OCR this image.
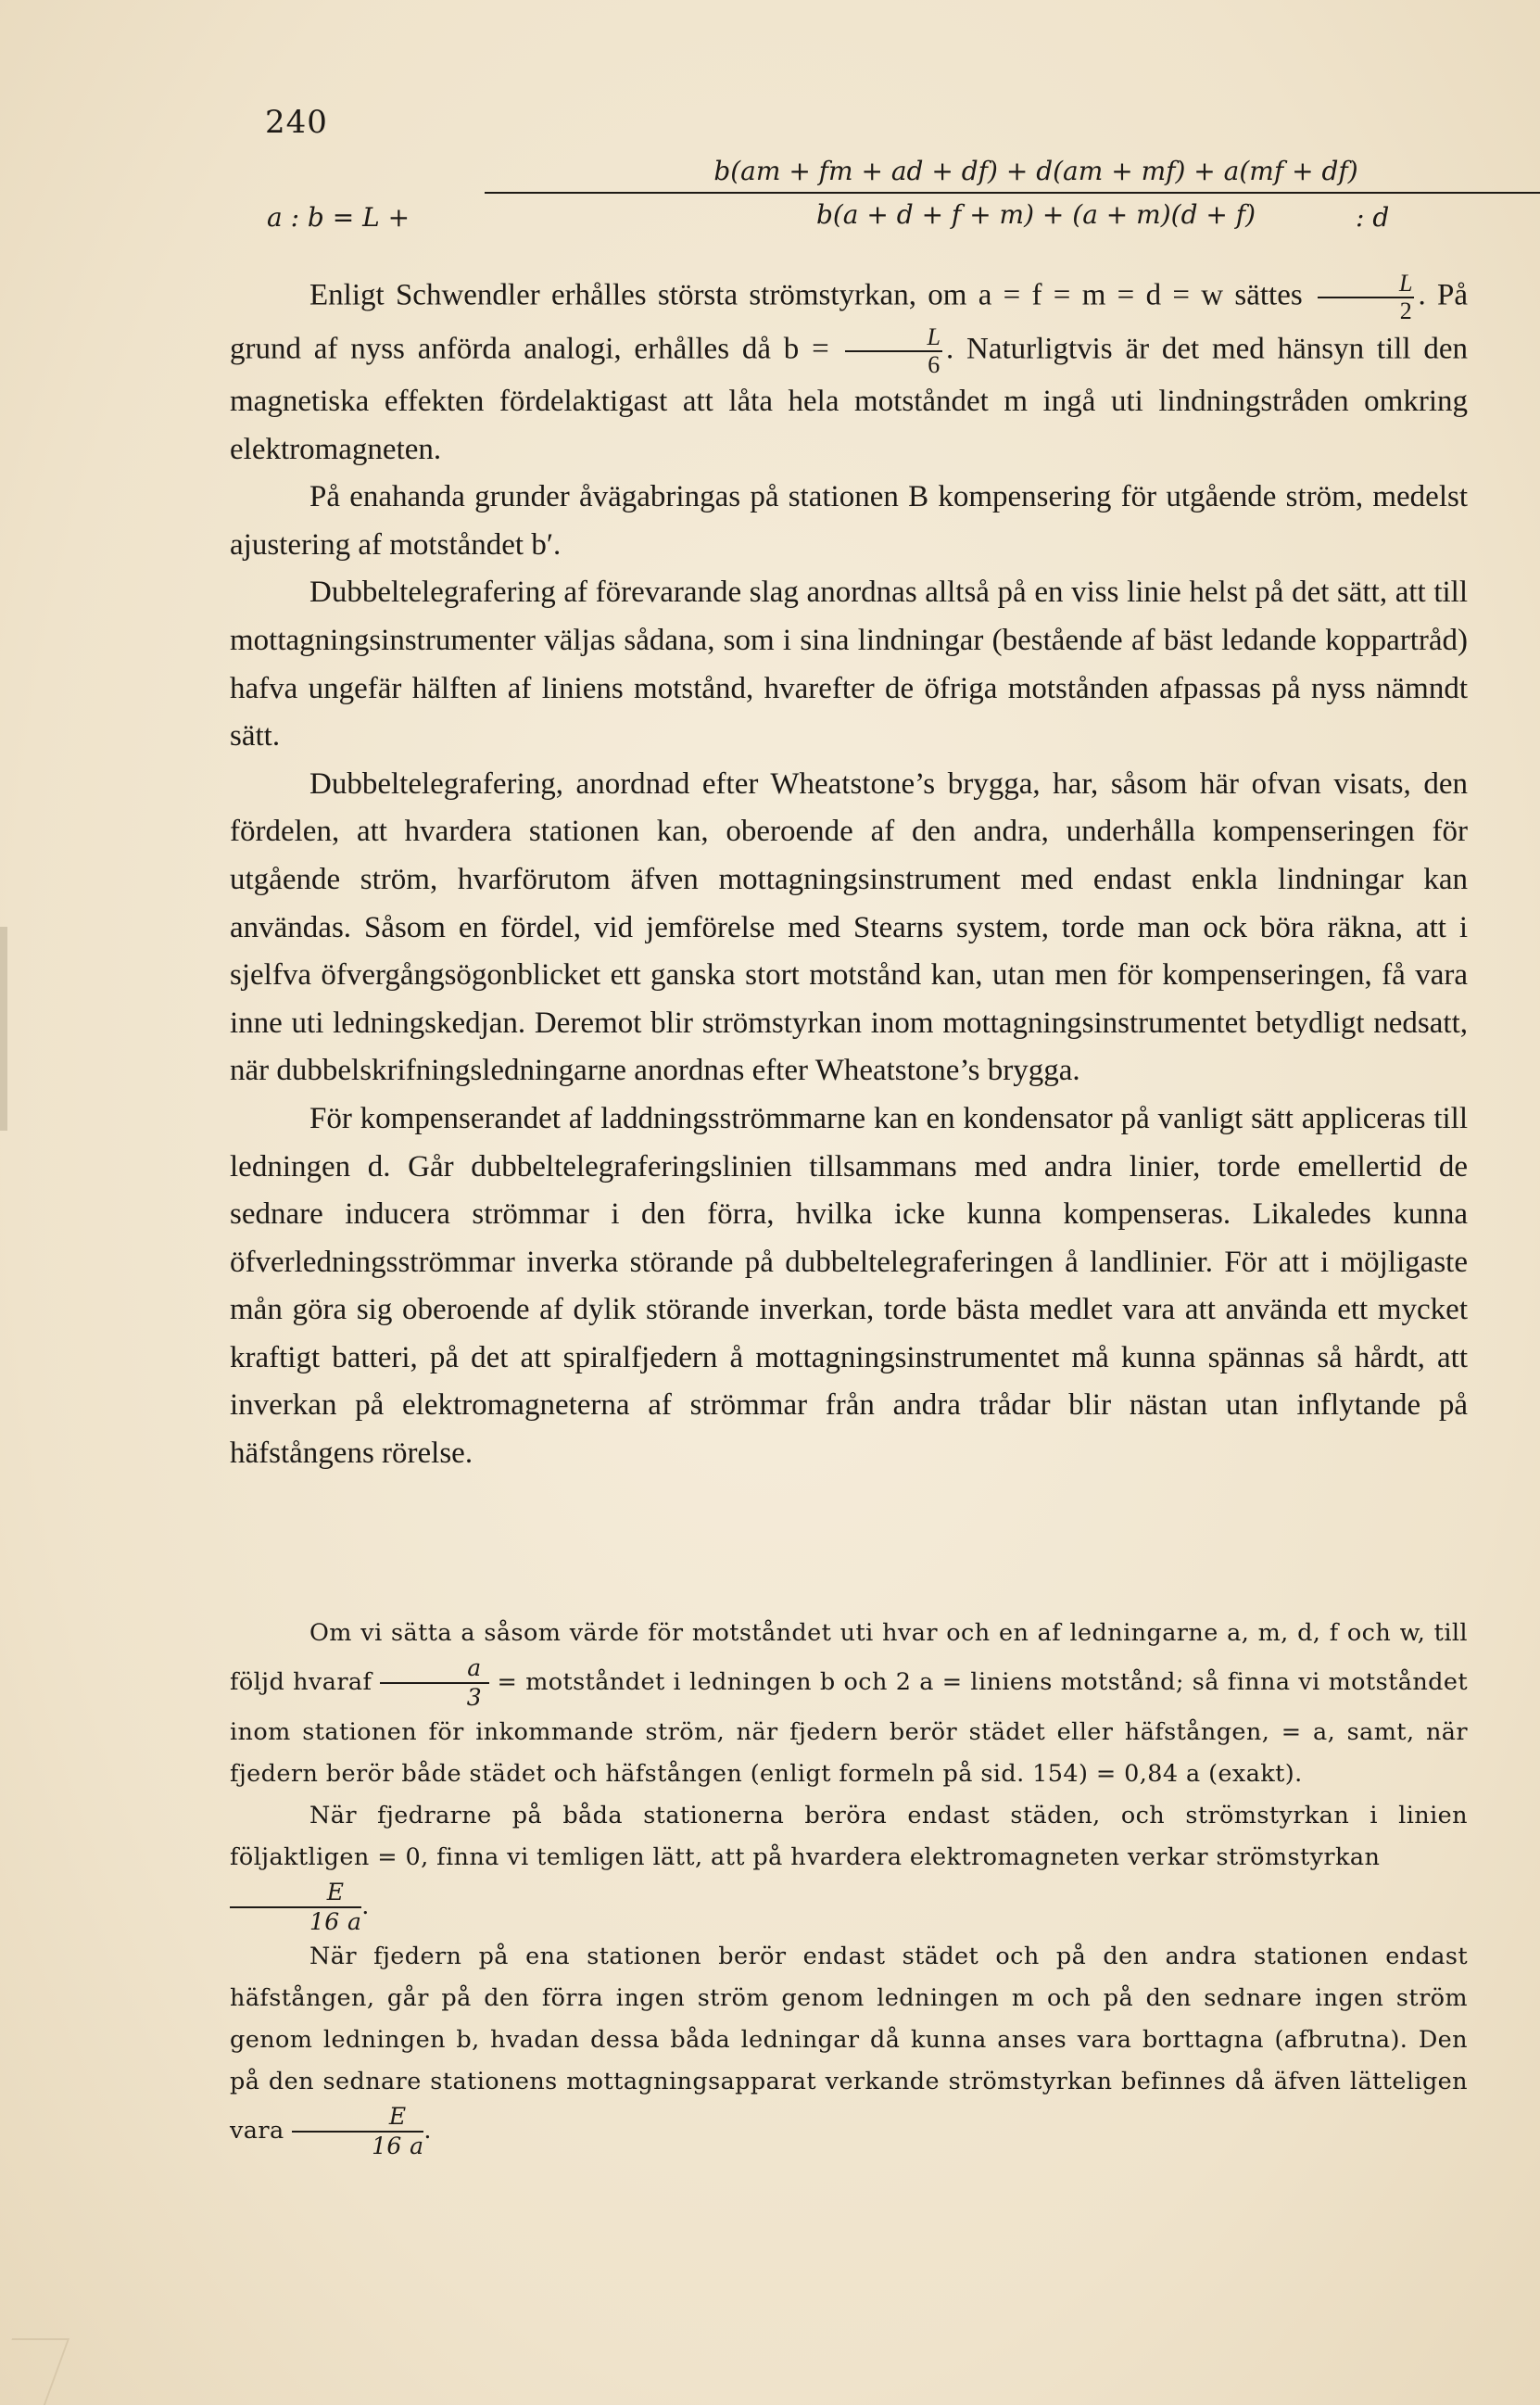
240
a : b = L +	$\frac{b(am + fm + ad + df) + d(am + mf) + a(mf + df)}{b(a + d + f + m) + (a + m)(d + f)}$
: d

Enligt Schwendler erhålles största strömstyrkan, om a = f = m = d = w sättes $\frac{L}{2}$ . På grund af nyss anförda analogi, erhålles då $b = \frac{L}{6}$ . Naturligtvis är det med hänsyn till den magnetiska effekten fördelaktigast att låta hela motståndet m ingå uti lindningstråden omkring elektromagneten.

På enahanda grunder åvägabringas på stationen B kompensering för utgående ström, medelst ajustering af motståndet b′.

Dubbeltelegrafering af förevarande slag anordnas alltså på en viss linie helst på det sätt, att till mottagningsinstrumenter väljas sådana, som i sina lindningar (bestående af bäst ledande koppartråd) hafva ungefär hälften af liniens motstånd, hvarefter de öfriga motstånden afpassas på nyss nämndt sätt.

Dubbeltelegrafering, anordnad efter Wheatstone’s brygga, har, såsom här ofvan visats, den fördelen, att hvardera stationen kan, oberoende af den andra, underhålla kompenseringen för utgående ström, hvarförutom äfven mottagningsinstrument med endast enkla lindningar kan användas. Såsom en fördel, vid jemförelse med Stearns system, torde man ock böra räkna, att i sjelfva öfvergångsögonblicket ett ganska stort motstånd kan, utan men för kompenseringen, få vara inne uti ledningskedjan. Deremot blir strömstyrkan inom mottagningsinstrumentet betydligt nedsatt, när dubbelskrifningsledningarne anordnas efter Wheatstone’s brygga.

För kompenserandet af laddningsströmmarne kan en kondensator på vanligt sätt appliceras till ledningen d. Går dubbeltelegraferingslinien tillsammans med andra linier, torde emellertid de sednare inducera strömmar i den förra, hvilka icke kunna kompenseras. Likaledes kunna öfverledningsströmmar inverka störande på dubbeltelegraferingen å landlinier. För att i möjligaste mån göra sig oberoende af dylik störande inverkan, torde bästa medlet vara att använda ett mycket kraftigt batteri, på det att spiralfjedern å mottagningsinstrumentet må kunna spännas så hårdt, att inverkan på elektromagneterna af strömmar från andra trådar blir nästan utan inflytande på häfstångens rörelse.

Om vi sätta a såsom värde för motståndet uti hvar och en af ledningarne a, m, d, f och w, till följd hvaraf $\frac{a}{3}$ = motståndet i ledningen b och 2 a = liniens motstånd; så finna vi motståndet inom stationen för inkommande ström, när fjedern berör städet eller häfstången, = a, samt, när fjedern berör både städet och häfstången (enligt formeln på sid. 154) = 0,84 a (exakt).

När fjedrarne på båda stationerna beröra endast städen, och strömstyrkan i linien följaktligen = 0, finna vi temligen lätt, att på hvardera elektromagneten verkar strömstyrkan

$\frac{E}{16 a}$ .

När fjedern på ena stationen berör endast städet och på den andra stationen endast häfstången, går på den förra ingen ström genom ledningen m och på den sednare ingen ström genom ledningen b, hvadan dessa båda ledningar då kunna anses vara borttagna (afbrutna). Den på den sednare stationens mottagningsapparat verkande strömstyrkan befinnes då äfven lätteligen vara $\frac{E}{16 a}$ .
